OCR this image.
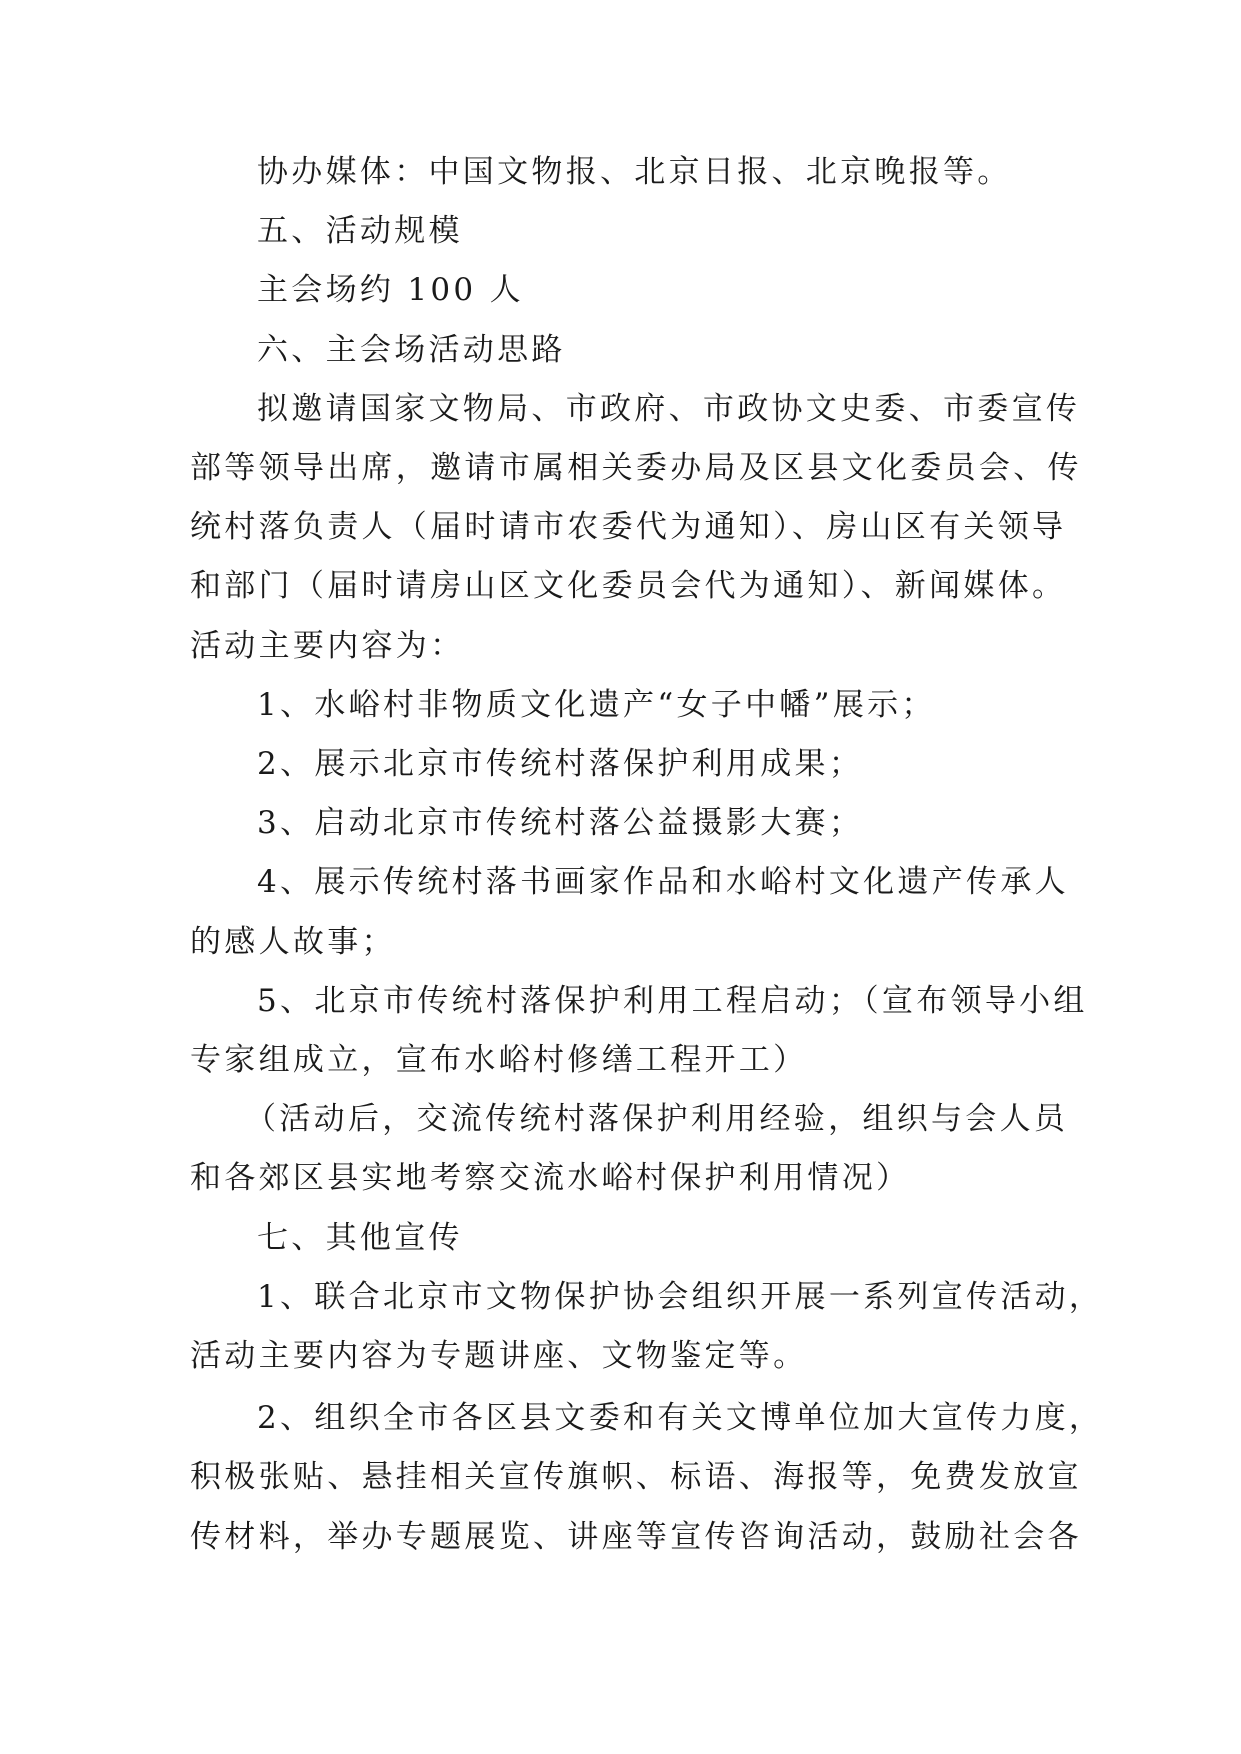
协办媒体：中国文物报、北京日报、北京晚报等。
五、活动规模
主会场约 100 人
六、主会场活动思路
拟邀请国家文物局、市政府、市政协文史委、市委宣传
部等领导出席，邀请市属相关委办局及区县文化委员会、传
统村落负责人（届时请市农委代为通知）、房山区有关领导
和部门（届时请房山区文化委员会代为通知）、新闻媒体。
活动主要内容为：
1、水峪村非物质文化遗产“女子中幡”展示；
2、展示北京市传统村落保护利用成果；
3、启动北京市传统村落公益摄影大赛；
4、展示传统村落书画家作品和水峪村文化遗产传承人
的感人故事；
5、北京市传统村落保护利用工程启动；（宣布领导小组
专家组成立，宣布水峪村修缮工程开工）
（活动后，交流传统村落保护利用经验，组织与会人员
和各郊区县实地考察交流水峪村保护利用情况）
七、其他宣传
1、联合北京市文物保护协会组织开展一系列宣传活动，
活动主要内容为专题讲座、文物鉴定等。
2、组织全市各区县文委和有关文博单位加大宣传力度，
积极张贴、悬挂相关宣传旗帜、标语、海报等，免费发放宣
传材料，举办专题展览、讲座等宣传咨询活动，鼓励社会各
